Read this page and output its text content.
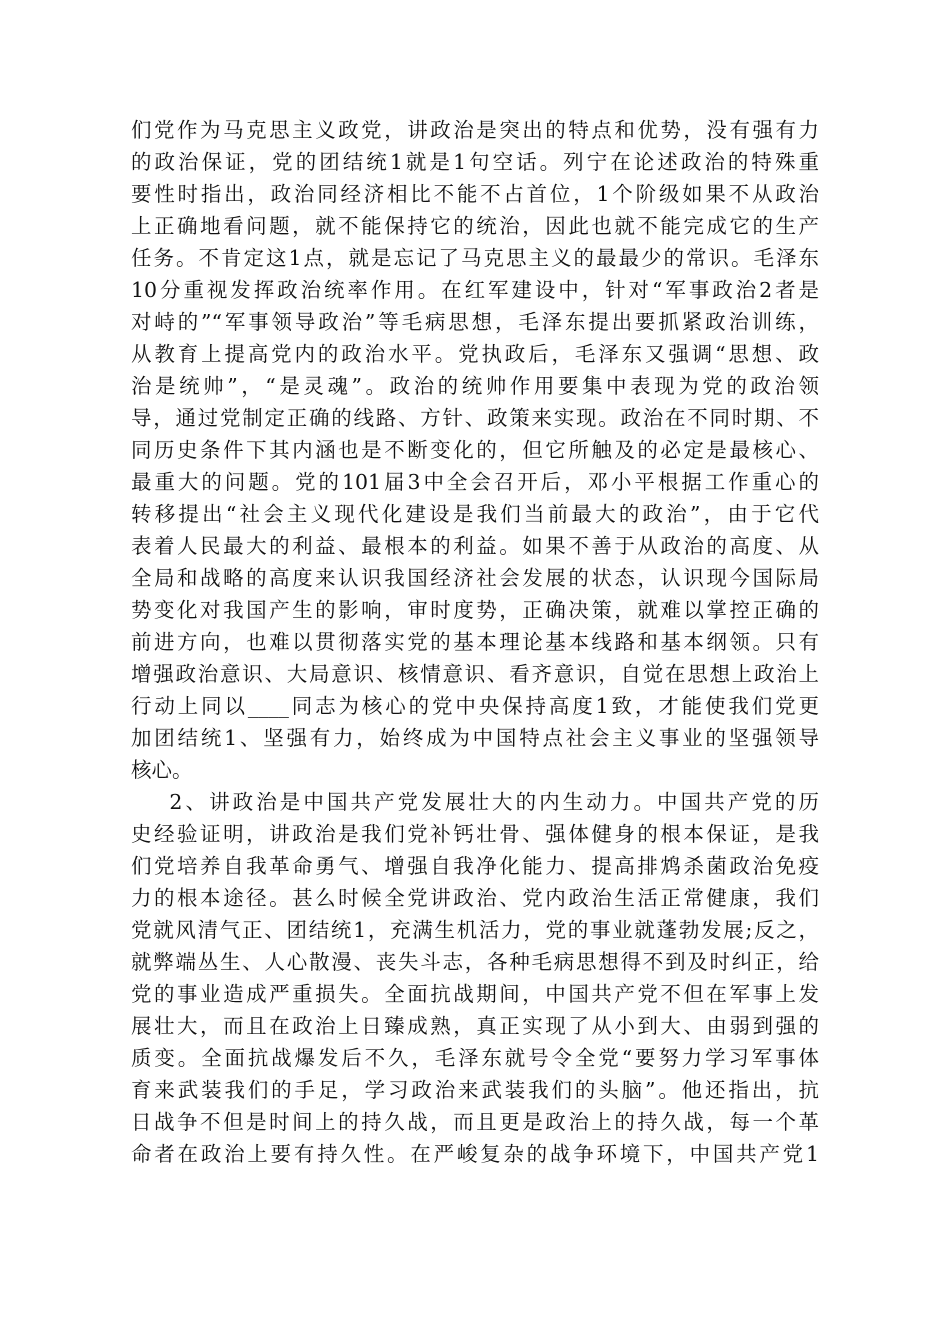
们党作为马克思主义政党，讲政治是突出的特点和优势，没有强有力
的政治保证，党的团结统1就是1句空话。列宁在论述政治的特殊重
要性时指出，政治同经济相比不能不占首位，1个阶级如果不从政治
上正确地看问题，就不能保持它的统治，因此也就不能完成它的生产
任务。不肯定这1点，就是忘记了马克思主义的最最少的常识。毛泽东
10分重视发挥政治统率作用。在红军建设中，针对“军事政治2者是
对峙的”“军事领导政治”等毛病思想，毛泽东提出要抓紧政治训练，
从教育上提高党内的政治水平。党执政后，毛泽东又强调“思想、政
治是统帅”，“是灵魂”。政治的统帅作用要集中表现为党的政治领
导，通过党制定正确的线路、方针、政策来实现。政治在不同时期、不
同历史条件下其内涵也是不断变化的，但它所触及的必定是最核心、
最重大的问题。党的101届3中全会召开后，邓小平根据工作重心的
转移提出“社会主义现代化建设是我们当前最大的政治”，由于它代
表着人民最大的利益、最根本的利益。如果不善于从政治的高度、从
全局和战略的高度来认识我国经济社会发展的状态，认识现今国际局
势变化对我国产生的影响，审时度势，正确决策，就难以掌控正确的
前进方向，也难以贯彻落实党的基本理论基本线路和基本纲领。只有
增强政治意识、大局意识、核情意识、看齐意识，自觉在思想上政治上
行动上同以____同志为核心的党中央保持高度1致，才能使我们党更
加团结统1、坚强有力，始终成为中国特点社会主义事业的坚强领导
核心。
2、讲政治是中国共产党发展壮大的内生动力。中国共产党的历
史经验证明，讲政治是我们党补钙壮骨、强体健身的根本保证，是我
们党培养自我革命勇气、增强自我净化能力、提高排鸩杀菌政治免疫
力的根本途径。甚么时候全党讲政治、党内政治生活正常健康，我们
党就风清气正、团结统1，充满生机活力，党的事业就蓬勃发展;反之，
就弊端丛生、人心散漫、丧失斗志，各种毛病思想得不到及时纠正，给
党的事业造成严重损失。全面抗战期间，中国共产党不但在军事上发
展壮大，而且在政治上日臻成熟，真正实现了从小到大、由弱到强的
质变。全面抗战爆发后不久，毛泽东就号令全党“要努力学习军事体
育来武装我们的手足，学习政治来武装我们的头脑”。他还指出，抗
日战争不但是时间上的持久战，而且更是政治上的持久战，每一个革
命者在政治上要有持久性。在严峻复杂的战争环境下，中国共产党1
